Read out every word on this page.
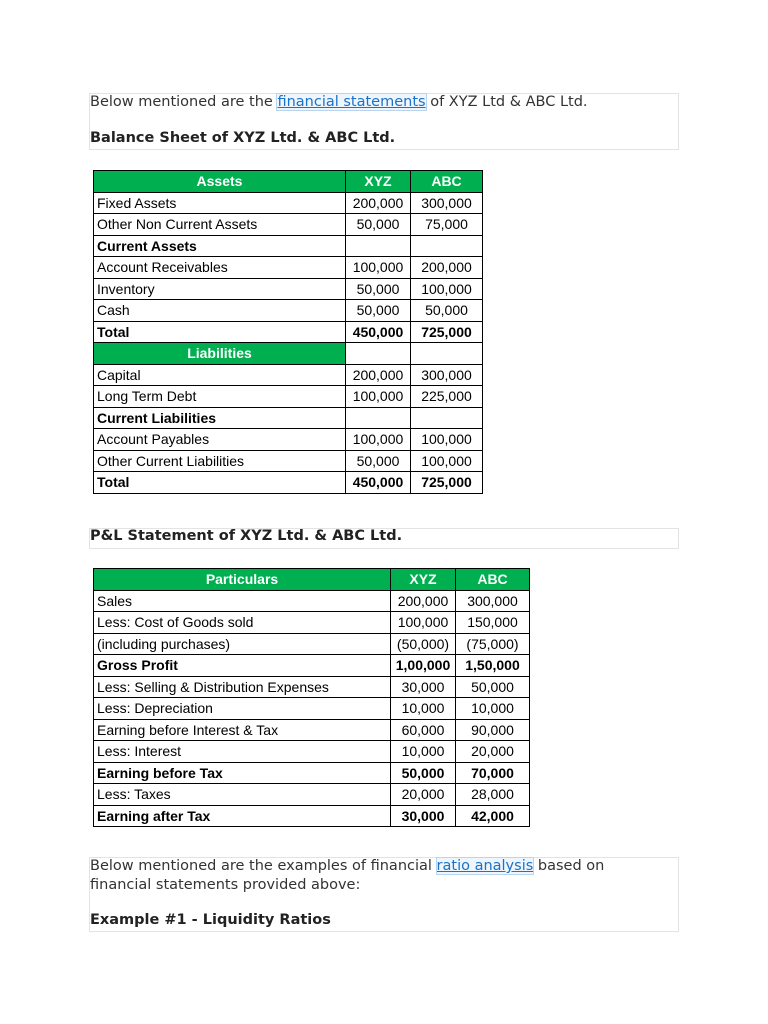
Below mentioned are the financial statements of XYZ Ltd & ABC Ltd.

Balance Sheet of XYZ Ltd. & ABC Ltd.

Assets	XYZ	ABC
Fixed Assets	200,000	300,000
Other Non Current Assets	50,000	75,000
Current Assets		
Account Receivables	100,000	200,000
Inventory	50,000	100,000
Cash	50,000	50,000
Total	450,000	725,000
Liabilities		
Capital	200,000	300,000
Long Term Debt	100,000	225,000
Current Liabilities		
Account Payables	100,000	100,000
Other Current Liabilities	50,000	100,000
Total	450,000	725,000

P&L Statement of XYZ Ltd. & ABC Ltd.

Particulars	XYZ	ABC
Sales	200,000	300,000
Less: Cost of Goods sold	100,000	150,000
(including purchases)	(50,000)	(75,000)
Gross Profit	1,00,000	1,50,000
Less: Selling & Distribution Expenses	30,000	50,000
Less: Depreciation	10,000	10,000
Earning before Interest & Tax	60,000	90,000
Less: Interest	10,000	20,000
Earning before Tax	50,000	70,000
Less: Taxes	20,000	28,000
Earning after Tax	30,000	42,000

Below mentioned are the examples of financial ratio analysis based on

financial statements provided above:

Example #1 - Liquidity Ratios
